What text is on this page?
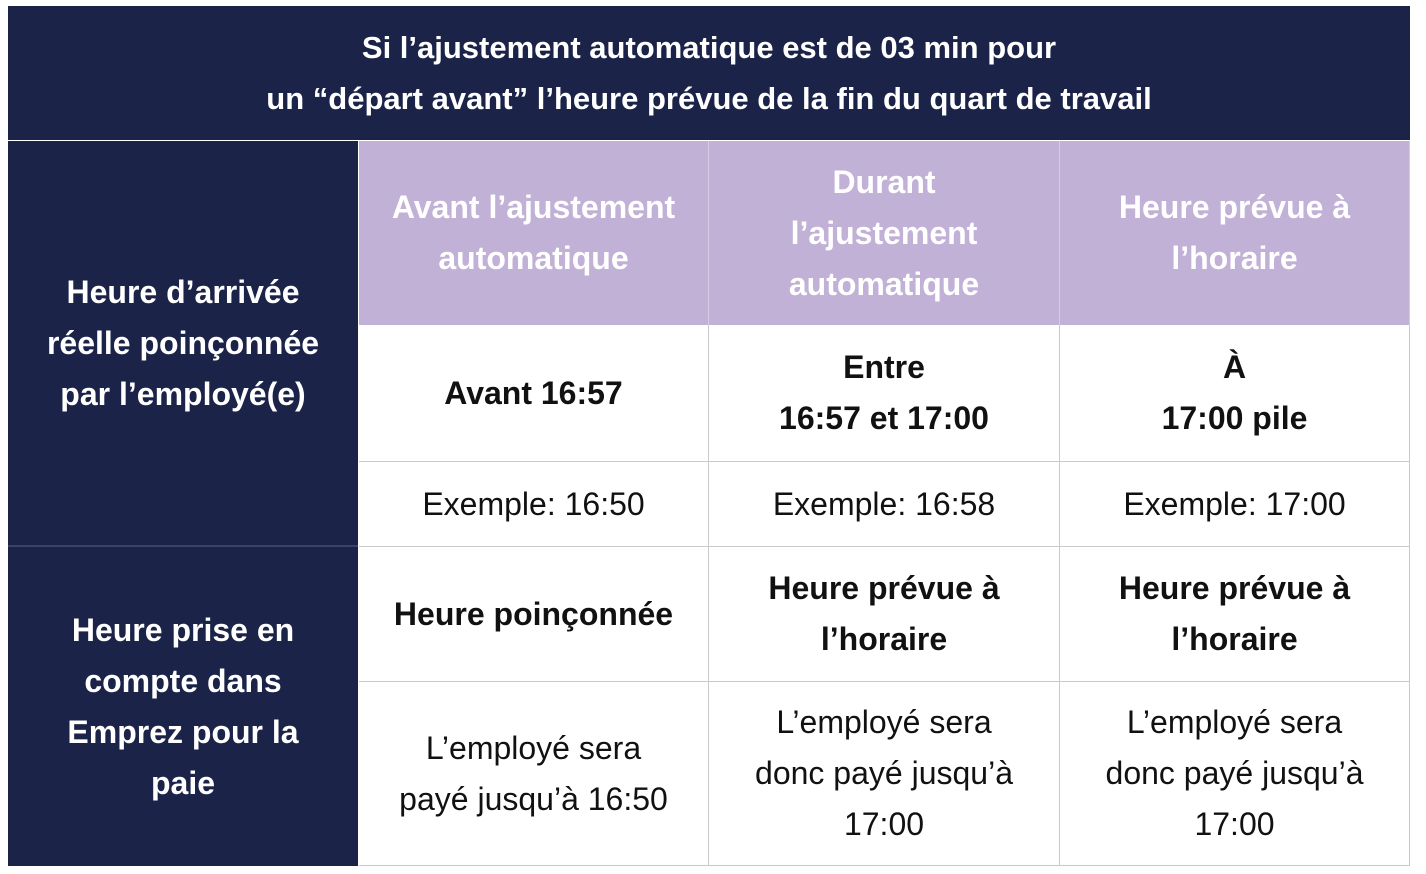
Si l’ajustement automatique est de 03 min pour
un “départ avant” l’heure prévue de la fin du quart de travail
Heure d’arrivée
réelle poinçonnée
par l’employé(e)
Heure prise en
compte dans
Emprez pour la
paie
Avant l’ajustement
automatique
Durant
l’ajustement
automatique
Heure prévue à
l’horaire
Avant 16:57
Entre
16:57 et 17:00
À
17:00 pile
Exemple: 16:50	Exemple: 16:58	Exemple: 17:00
Heure poinçonnée
Heure prévue à
l’horaire
Heure prévue à
l’horaire
L’employé sera
payé jusqu’à 16:50
L’employé sera
donc payé jusqu’à
17:00
L’employé sera
donc payé jusqu’à
17:00
